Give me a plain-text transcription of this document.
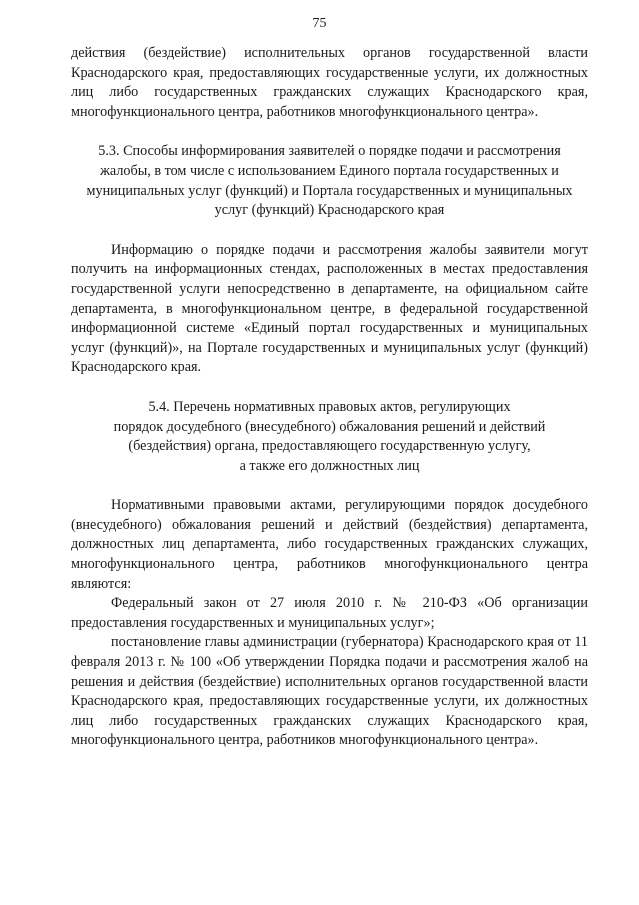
75

действия (бездействие) исполнительных органов государственной власти Краснодарского края, предоставляющих государственные услуги, их должностных лиц либо государственных гражданских служащих Краснодарского края, многофункционального центра, работников многофункционального центра».

5.3. Способы информирования заявителей о порядке подачи и рассмотрения
жалобы, в том числе с использованием Единого портала государственных и
муниципальных услуг (функций) и Портала государственных и муниципальных
услуг (функций) Краснодарского края

Информацию о порядке подачи и рассмотрения жалобы заявители могут получить на информационных стендах, расположенных в местах предоставления государственной услуги непосредственно в департаменте, на официальном сайте департамента, в многофункциональном центре, в федеральной государственной информационной системе «Единый портал государственных и муниципальных услуг (функций)», на Портале государственных и муниципальных услуг (функций) Краснодарского края.

5.4. Перечень нормативных правовых актов, регулирующих
порядок досудебного (внесудебного) обжалования решений и действий
(бездействия) органа, предоставляющего государственную услугу,
а также его должностных лиц

Нормативными правовыми актами, регулирующими порядок досудебного (внесудебного) обжалования решений и действий (бездействия) департамента, должностных лиц департамента, либо государственных гражданских служащих, многофункционального центра, работников многофункционального центра являются:

Федеральный закон от 27 июля 2010 г. № 210-ФЗ «Об организации предоставления государственных и муниципальных услуг»;

постановление главы администрации (губернатора) Краснодарского края от 11 февраля 2013 г. № 100 «Об утверждении Порядка подачи и рассмотрения жалоб на решения и действия (бездействие) исполнительных органов государственной власти Краснодарского края, предоставляющих государственные услуги, их должностных лиц либо государственных гражданских служащих Краснодарского края, многофункционального центра, работников многофункционального центра».
